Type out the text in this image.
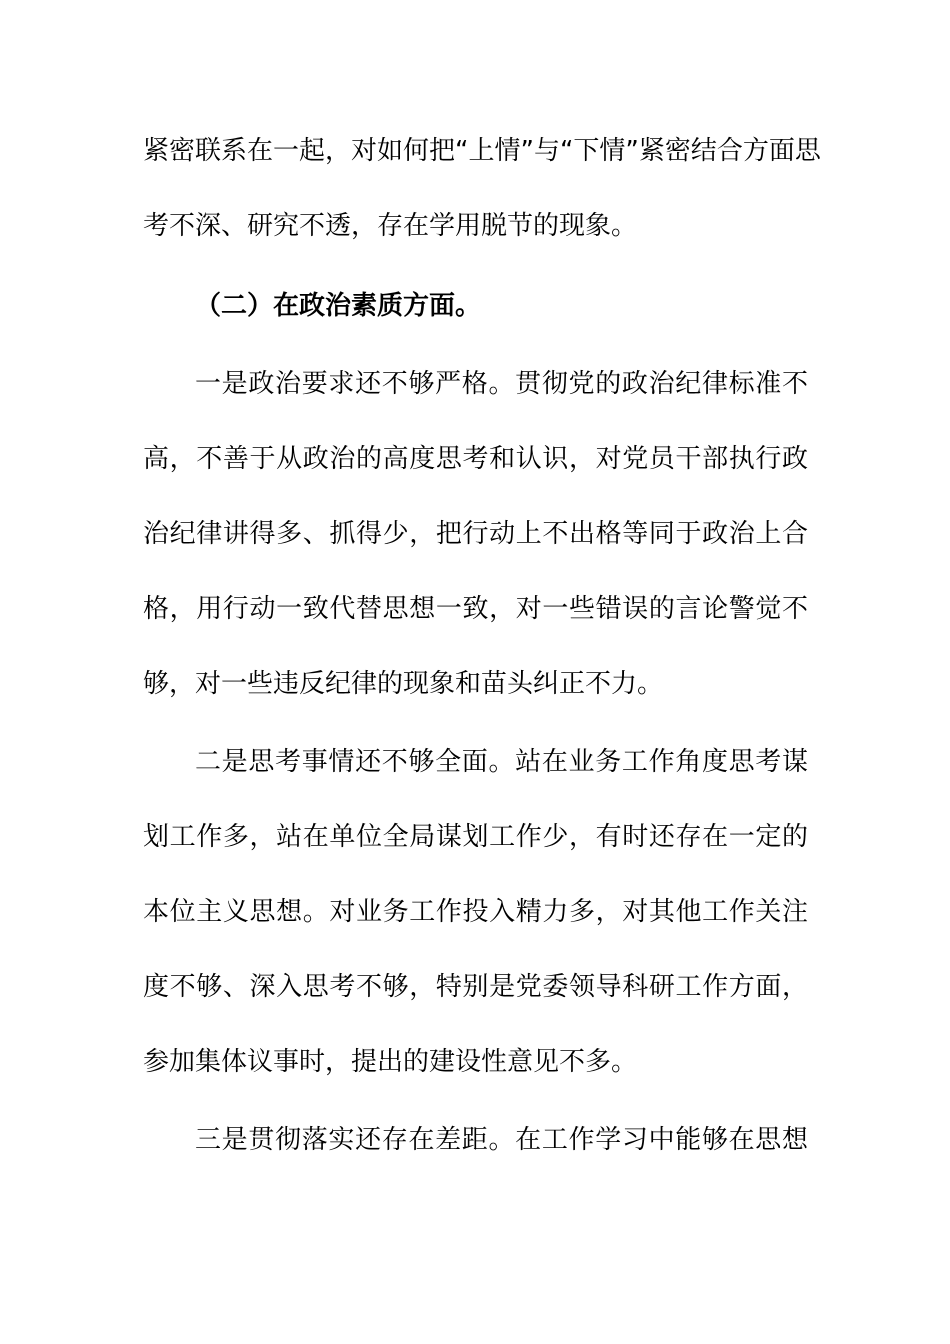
紧密联系在一起，对如何把“上情”与“下情”紧密结合方面思
考不深、研究不透，存在学用脱节的现象。
（二）在政治素质方面。
一是政治要求还不够严格。贯彻党的政治纪律标准不
高，不善于从政治的高度思考和认识，对党员干部执行政
治纪律讲得多、抓得少，把行动上不出格等同于政治上合
格，用行动一致代替思想一致，对一些错误的言论警觉不
够，对一些违反纪律的现象和苗头纠正不力。
二是思考事情还不够全面。站在业务工作角度思考谋
划工作多，站在单位全局谋划工作少，有时还存在一定的
本位主义思想。对业务工作投入精力多，对其他工作关注
度不够、深入思考不够，特别是党委领导科研工作方面，
参加集体议事时，提出的建设性意见不多。
三是贯彻落实还存在差距。在工作学习中能够在思想
